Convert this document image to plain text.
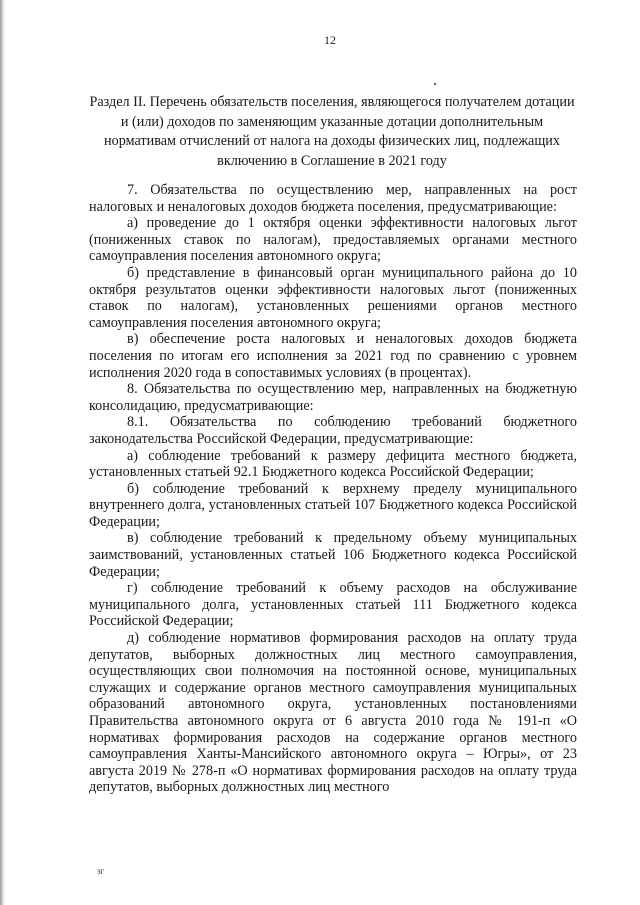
12
Раздел II. Перечень обязательств поселения, являющегося получателем дотации и (или) доходов по заменяющим указанные дотации дополнительным нормативам отчислений от налога на доходы физических лиц, подлежащих включению в Соглашение в 2021 году

7. Обязательства по осуществлению мер, направленных на рост налоговых и неналоговых доходов бюджета поселения, предусматривающие:

а) проведение до 1 октября оценки эффективности налоговых льгот (пониженных ставок по налогам), предоставляемых органами местного самоуправления поселения автономного округа;

б) представление в финансовый орган муниципального района до 10 октября результатов оценки эффективности налоговых льгот (пониженных ставок по налогам), установленных решениями органов местного самоуправления поселения автономного округа;

в) обеспечение роста налоговых и неналоговых доходов бюджета поселения по итогам его исполнения за 2021 год по сравнению с уровнем исполнения 2020 года в сопоставимых условиях (в процентах).

8. Обязательства по осуществлению мер, направленных на бюджетную консолидацию, предусматривающие:

8.1. Обязательства по соблюдению требований бюджетного законодательства Российской Федерации, предусматривающие:

а) соблюдение требований к размеру дефицита местного бюджета, установленных статьей 92.1 Бюджетного кодекса Российской Федерации;

б) соблюдение требований к верхнему пределу муниципального внутреннего долга, установленных статьей 107 Бюджетного кодекса Российской Федерации;

в) соблюдение требований к предельному объему муниципальных заимствований, установленных статьей 106 Бюджетного кодекса Российской Федерации;

г) соблюдение требований к объему расходов на обслуживание муниципального долга, установленных статьей 111 Бюджетного кодекса Российской Федерации;

д) соблюдение нормативов формирования расходов на оплату труда депутатов, выборных должностных лиц местного самоуправления, осуществляющих свои полномочия на постоянной основе, муниципальных служащих и содержание органов местного самоуправления муниципальных образований автономного округа, установленных постановлениями Правительства автономного округа от 6 августа 2010 года № 191-п «О нормативах формирования расходов на содержание органов местного самоуправления Ханты-Мансийского автономного округа – Югры», от 23 августа 2019 № 278-п «О нормативах формирования расходов на оплату труда депутатов, выборных должностных лиц местного

зг
